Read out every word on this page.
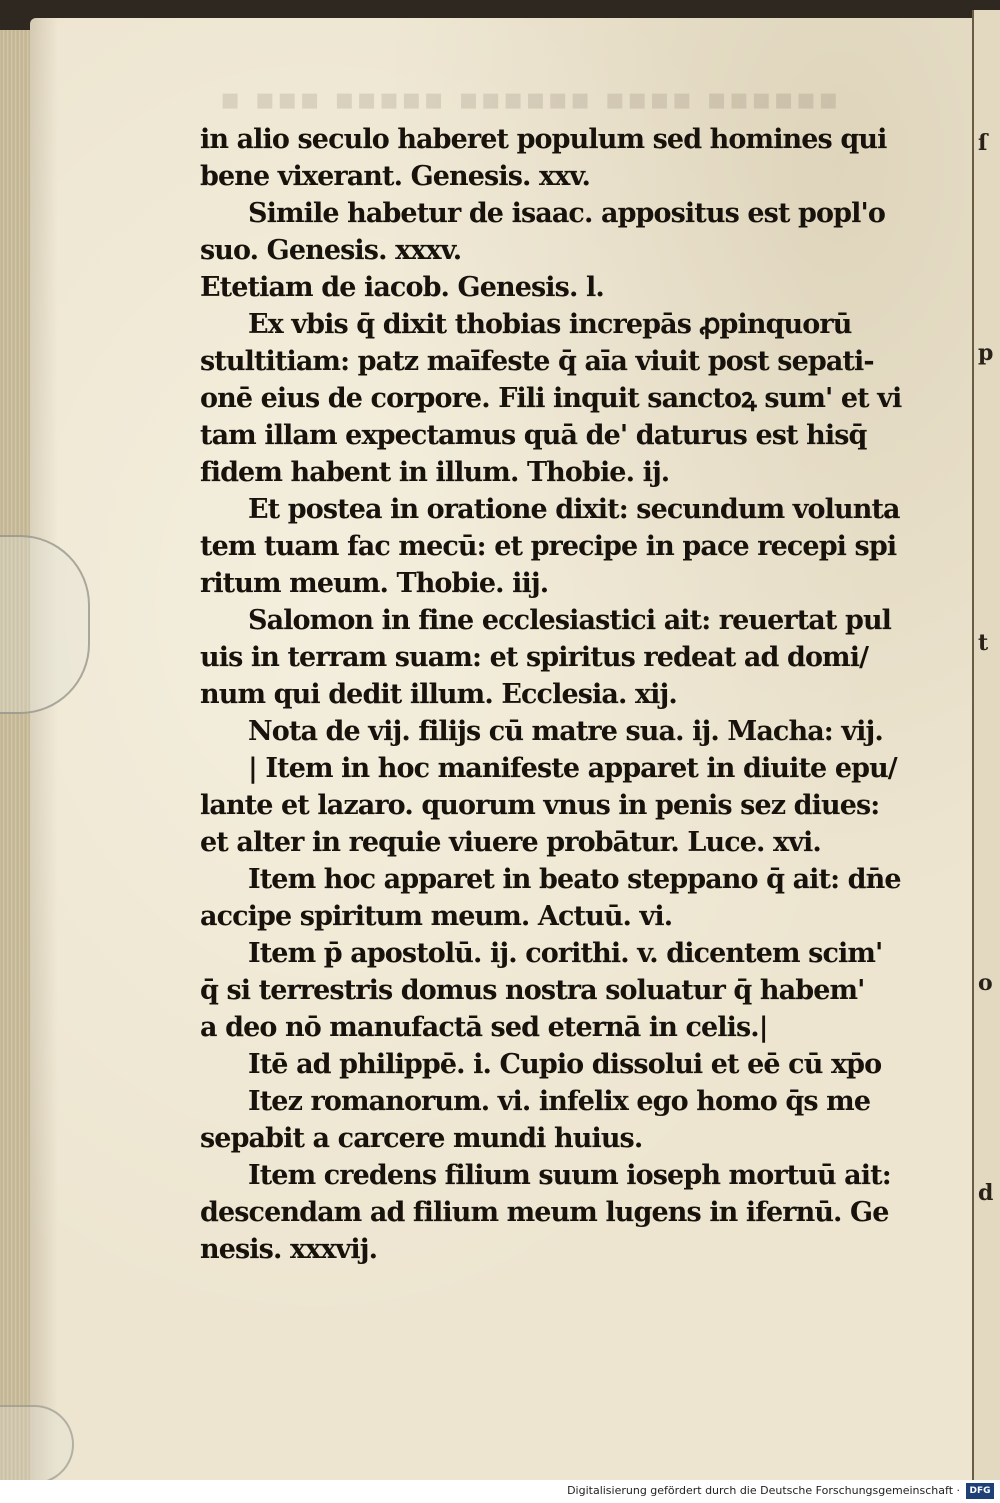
ſ
p
t
o
d
▪ ▪▪▪ ▪▪▪▪▪ ▪▪▪▪▪▪ ▪▪▪▪ ▪▪▪▪▪▪
in alio seculo haberet populum sed homines qui
bene vixerant. Genesis. xxv.
Simile habetur de isaac. appositus est popl'o
suo. Genesis. xxxv.
Etetiam de iacob. Genesis. l.
Ex vbis q̄ dixit thobias increpās ꝓpinquorū
stultitiam: patz maīfeste q̄ aīa viuit post sepati-
onē eius de corpore. Fili inquit sanctoꝝ sum' et vi
tam illam expectamus quā de' daturus est hisq̄
fidem habent in illum. Thobie. ij.
Et postea in oratione dixit: secundum volunta
tem tuam fac mecū: et precipe in pace recepi spi
ritum meum. Thobie. iij.
Salomon in fine ecclesiastici ait: reuertat pul
uis in terram suam: et spiritus redeat ad domi/
num qui dedit illum. Ecclesia. xij.
Nota de vij. filijs cū matre sua. ij. Macha: vij.
| Item in hoc manifeste apparet in diuite epu/
lante et lazaro. quorum vnus in penis sez diues:
et alter in requie viuere probātur. Luce. xvi.
Item hoc apparet in beato steppano q̄ ait: dn̄e
accipe spiritum meum. Actuū. vi.
Item p̄ apostolū. ij. corithi. v. dicentem scim'
q̄ si terrestris domus nostra soluatur q̄ habem'
a deo nō manufactā sed eternā in celis.|
Itē ad philippē. i. Cupio dissolui et eē cū xp̄o
Itez romanorum. vi. infelix ego homo q̄s me
sepabit a carcere mundi huius.
Item credens filium suum ioseph mortuū ait:
descendam ad filium meum lugens in ifernū. Ge
nesis. xxxvij.
Digitalisierung gefördert durch die Deutsche Forschungsgemeinschaft ·	DFG
